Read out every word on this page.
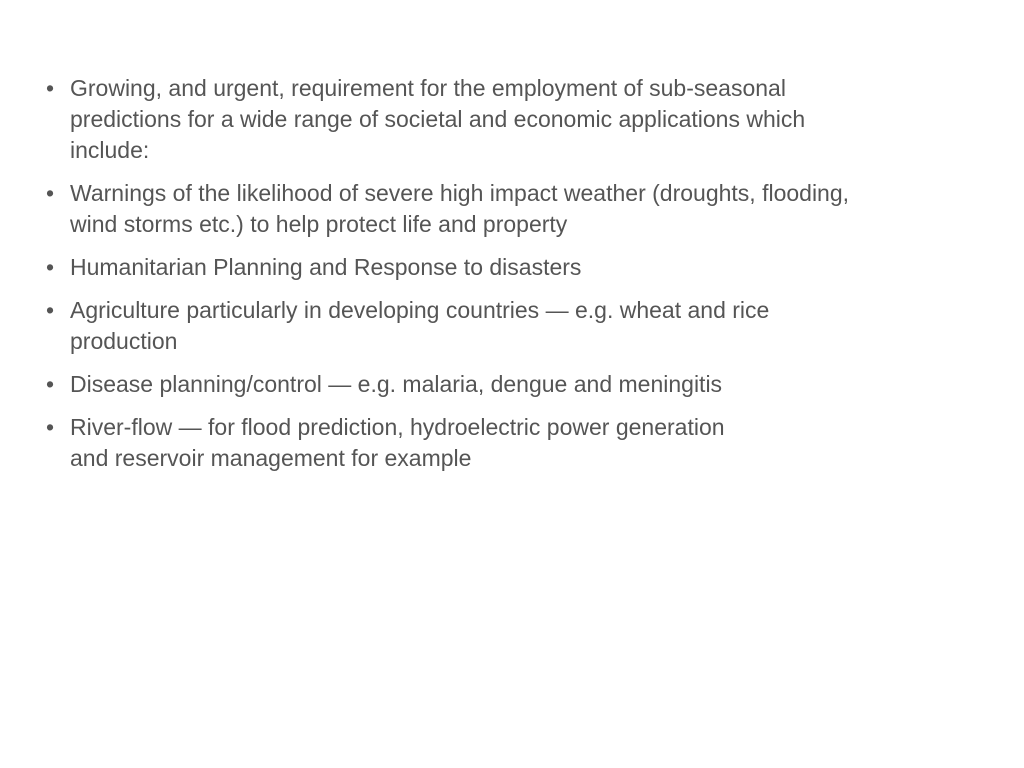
• Growing, and urgent, requirement for the employment of sub-seasonal
predictions for a wide range of societal and economic applications which
include:
• Warnings of the likelihood of severe high impact weather (droughts, flooding,
wind storms etc.) to help protect life and property
• Humanitarian Planning and Response to disasters
• Agriculture particularly in developing countries — e.g. wheat and rice
production
• Disease planning/control — e.g. malaria, dengue and meningitis
• River-flow — for flood prediction, hydroelectric power generation
and reservoir management for example
